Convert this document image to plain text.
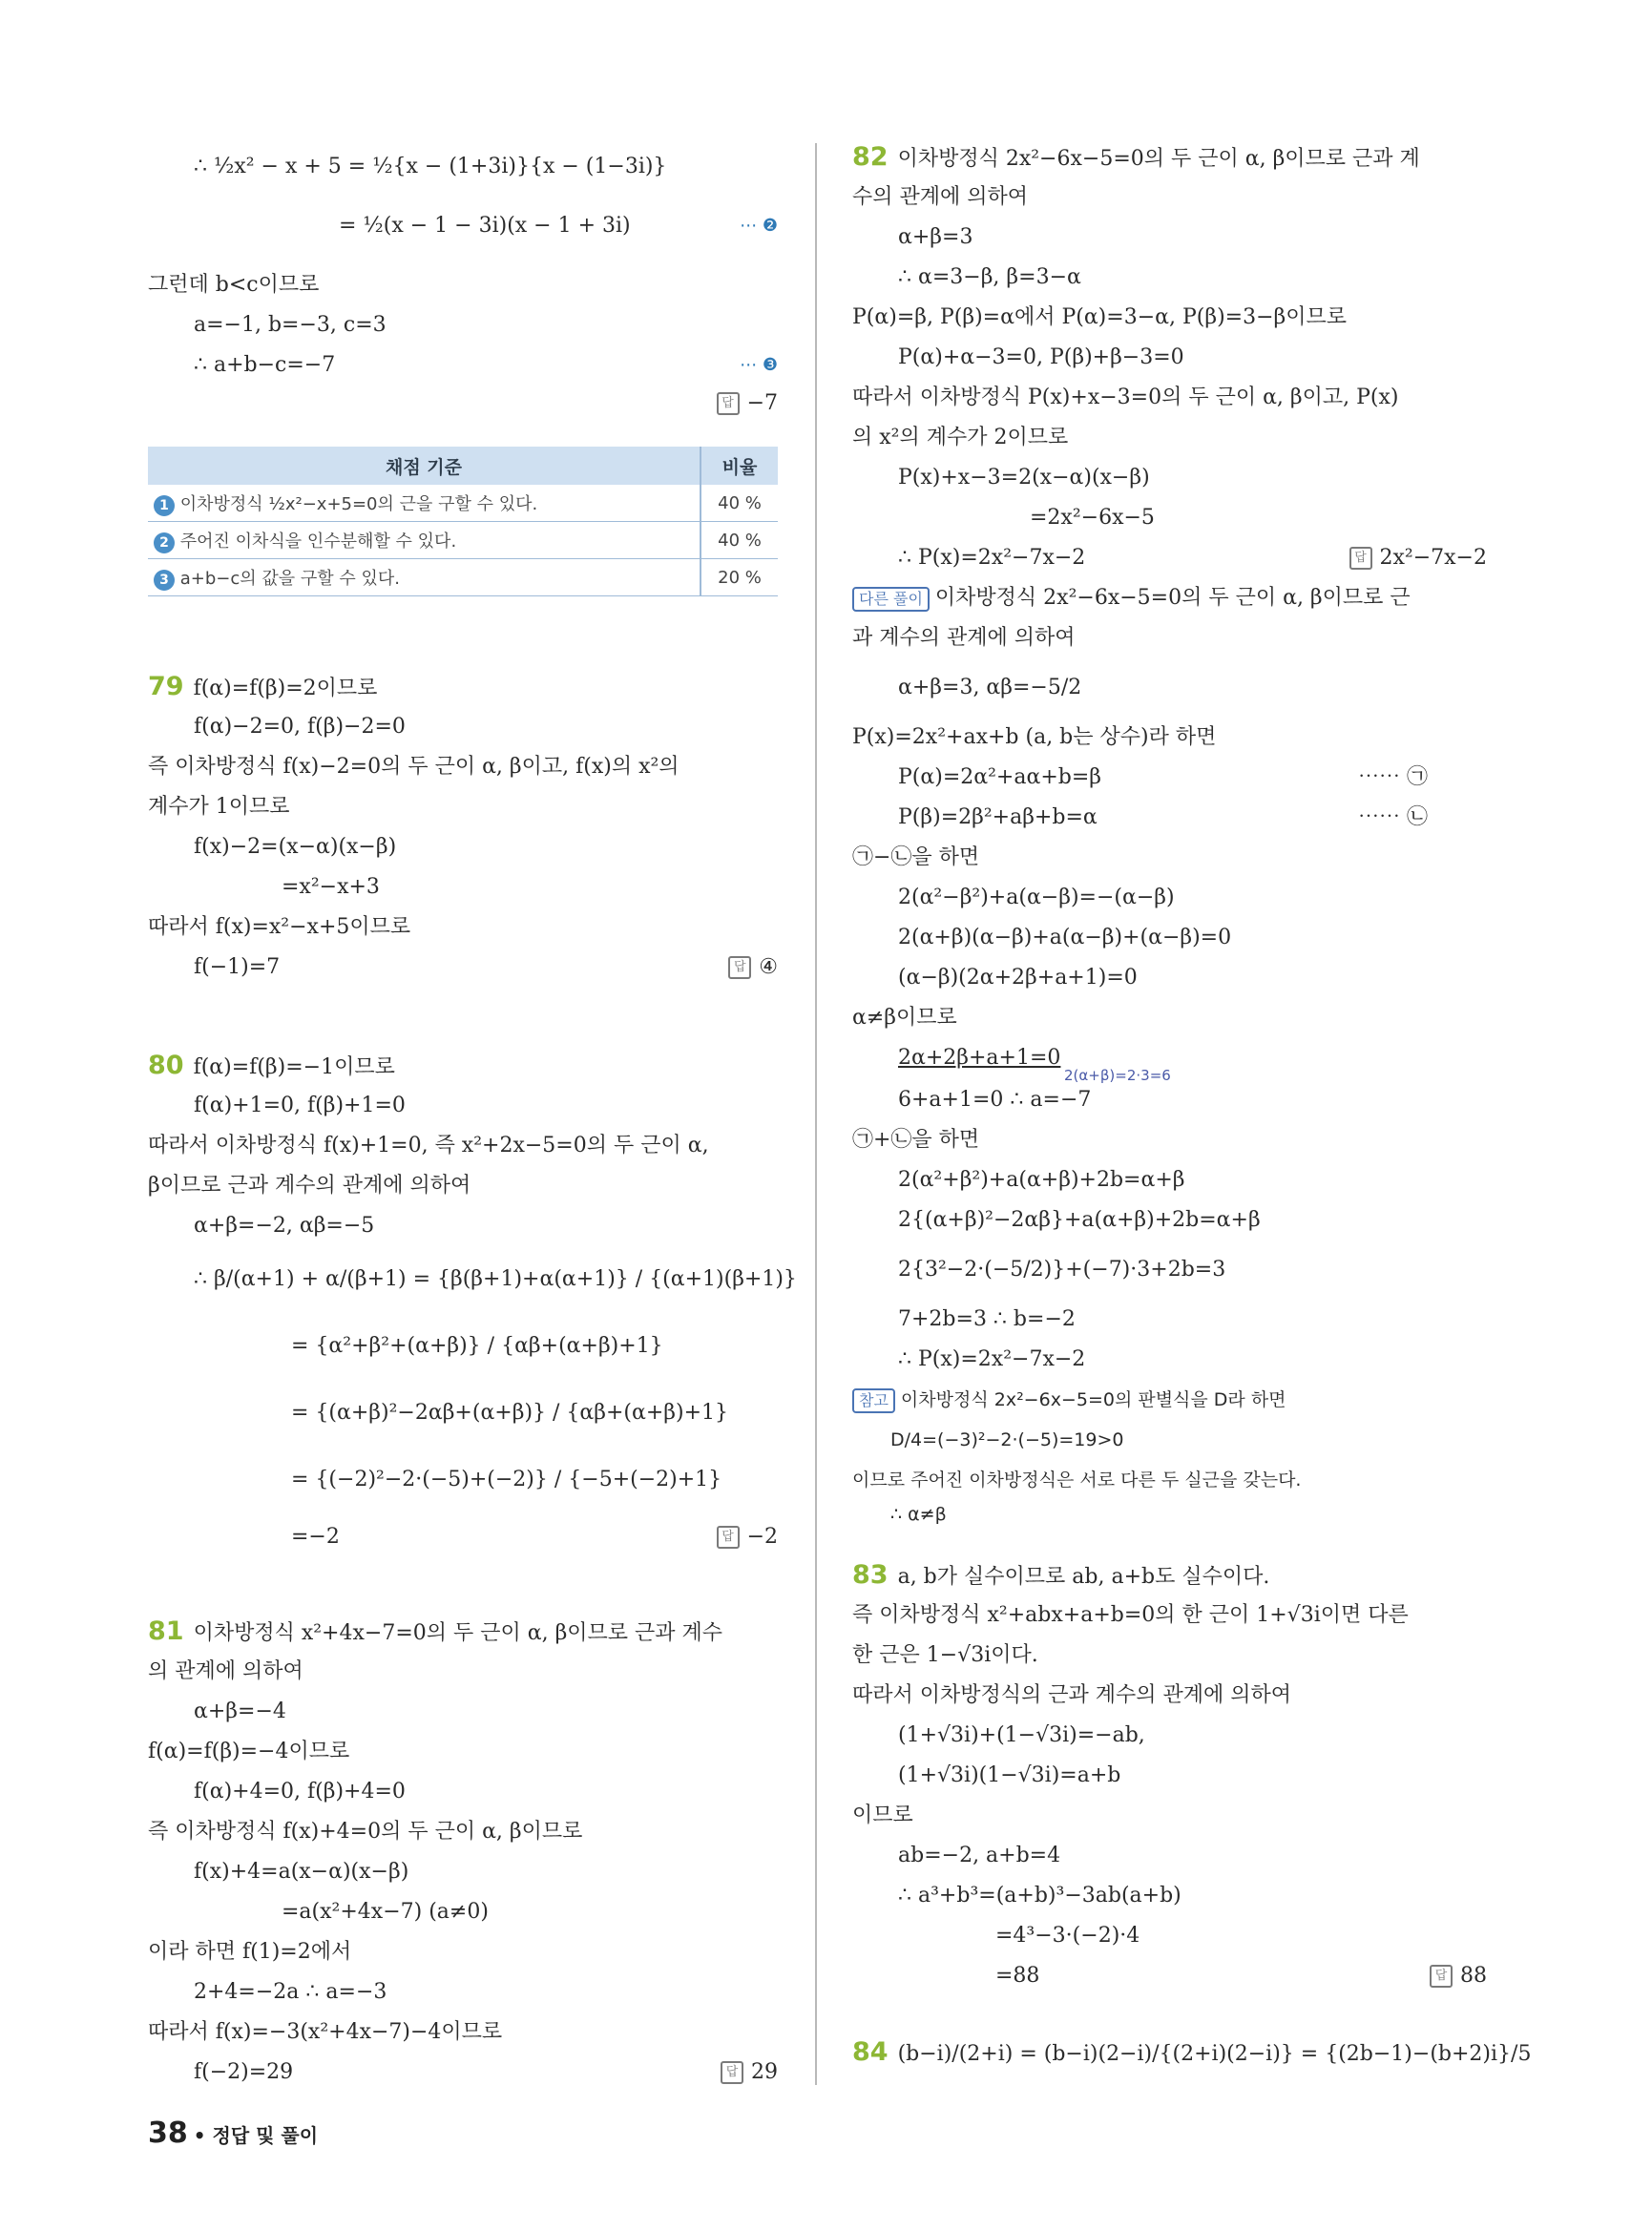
∴ ½x² − x + 5 = ½{x − (1+3i)}{x − (1−3i)}
= ½(x − 1 − 3i)(x − 1 + 3i)	⋯ ❷
그런데 b<c이므로
a=−1, b=−3, c=3
∴ a+b−c=−7	⋯ ❸
답 −7
채점 기준	비율
1 이차방정식 ½x²−x+5=0의 근을 구할 수 있다.	40 %
2 주어진 이차식을 인수분해할 수 있다.	40 %
3 a+b−c의 값을 구할 수 있다.	20 %
79 f(α)=f(β)=2이므로
f(α)−2=0, f(β)−2=0
즉 이차방정식 f(x)−2=0의 두 근이 α, β이고, f(x)의 x²의
계수가 1이므로
f(x)−2=(x−α)(x−β)
=x²−x+3
따라서 f(x)=x²−x+5이므로
f(−1)=7	답 ④
80 f(α)=f(β)=−1이므로
f(α)+1=0, f(β)+1=0
따라서 이차방정식 f(x)+1=0, 즉 x²+2x−5=0의 두 근이 α,
β이므로 근과 계수의 관계에 의하여
α+β=−2, αβ=−5
∴ β/(α+1) + α/(β+1) = {β(β+1)+α(α+1)} / {(α+1)(β+1)}
= {α²+β²+(α+β)} / {αβ+(α+β)+1}
= {(α+β)²−2αβ+(α+β)} / {αβ+(α+β)+1}
= {(−2)²−2·(−5)+(−2)} / {−5+(−2)+1}
=−2	답 −2
81 이차방정식 x²+4x−7=0의 두 근이 α, β이므로 근과 계수
의 관계에 의하여
α+β=−4
f(α)=f(β)=−4이므로
f(α)+4=0, f(β)+4=0
즉 이차방정식 f(x)+4=0의 두 근이 α, β이므로
f(x)+4=a(x−α)(x−β)
=a(x²+4x−7) (a≠0)
이라 하면 f(1)=2에서
2+4=−2a ∴ a=−3
따라서 f(x)=−3(x²+4x−7)−4이므로
f(−2)=29	답 29
82 이차방정식 2x²−6x−5=0의 두 근이 α, β이므로 근과 계
수의 관계에 의하여
α+β=3
∴ α=3−β, β=3−α
P(α)=β, P(β)=α에서 P(α)=3−α, P(β)=3−β이므로
P(α)+α−3=0, P(β)+β−3=0
따라서 이차방정식 P(x)+x−3=0의 두 근이 α, β이고, P(x)
의 x²의 계수가 2이므로
P(x)+x−3=2(x−α)(x−β)
=2x²−6x−5
∴ P(x)=2x²−7x−2	답 2x²−7x−2
다른 풀이 이차방정식 2x²−6x−5=0의 두 근이 α, β이므로 근
과 계수의 관계에 의하여
α+β=3, αβ=−5/2
P(x)=2x²+ax+b (a, b는 상수)라 하면
P(α)=2α²+aα+b=β	⋯⋯ ㉠
P(β)=2β²+aβ+b=α	⋯⋯ ㉡
㉠−㉡을 하면
2(α²−β²)+a(α−β)=−(α−β)
2(α+β)(α−β)+a(α−β)+(α−β)=0
(α−β)(2α+2β+a+1)=0
α≠β이므로
2α+2β+a+1=0
2(α+β)=2·3=6
6+a+1=0 ∴ a=−7
㉠+㉡을 하면
2(α²+β²)+a(α+β)+2b=α+β
2{(α+β)²−2αβ}+a(α+β)+2b=α+β
2{3²−2·(−5/2)}+(−7)·3+2b=3
7+2b=3 ∴ b=−2
∴ P(x)=2x²−7x−2
참고 이차방정식 2x²−6x−5=0의 판별식을 D라 하면
D/4=(−3)²−2·(−5)=19>0
이므로 주어진 이차방정식은 서로 다른 두 실근을 갖는다.
∴ α≠β
83 a, b가 실수이므로 ab, a+b도 실수이다.
즉 이차방정식 x²+abx+a+b=0의 한 근이 1+√3i이면 다른
한 근은 1−√3i이다.
따라서 이차방정식의 근과 계수의 관계에 의하여
(1+√3i)+(1−√3i)=−ab,
(1+√3i)(1−√3i)=a+b
이므로
ab=−2, a+b=4
∴ a³+b³=(a+b)³−3ab(a+b)
=4³−3·(−2)·4
=88	답 88
84 (b−i)/(2+i) = (b−i)(2−i)/{(2+i)(2−i)} = {(2b−1)−(b+2)i}/5
38 • 정답 및 풀이
